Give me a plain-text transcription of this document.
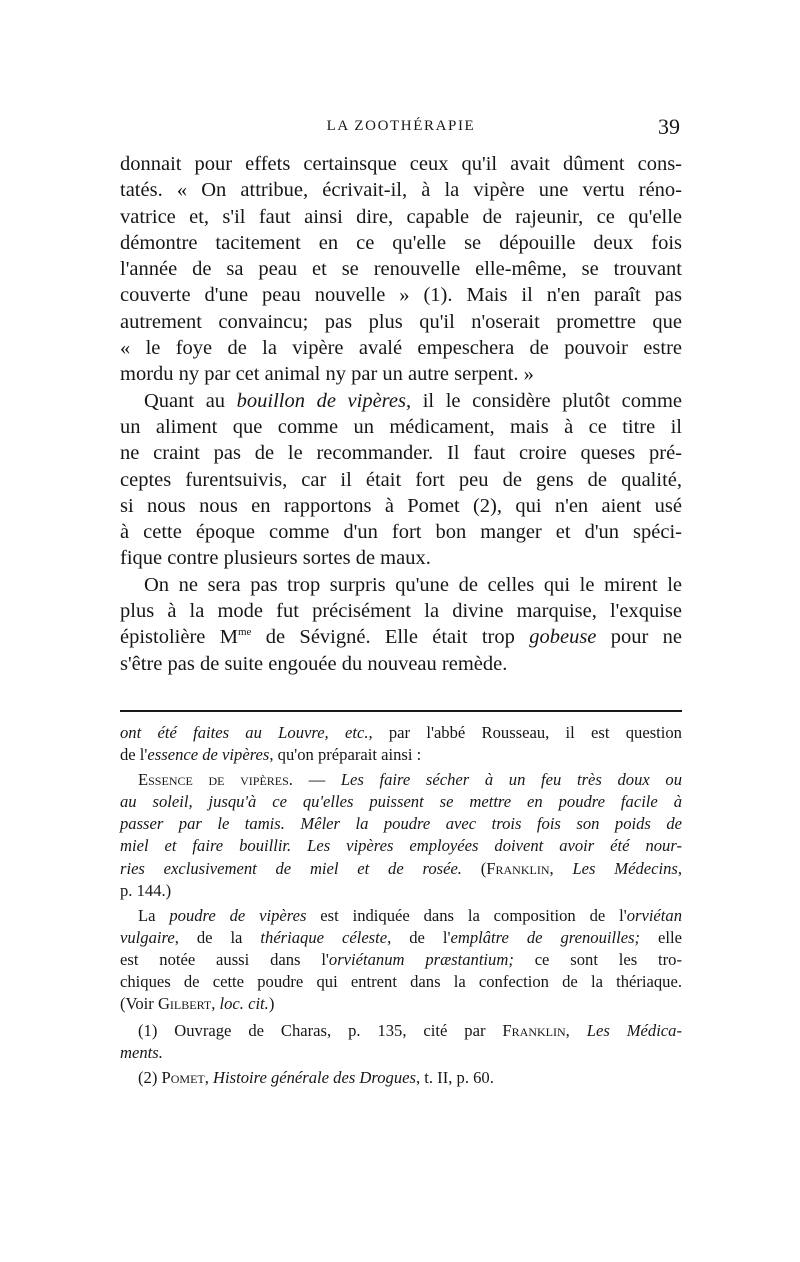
LA ZOOTHÉRAPIE	39
donnait pour effets certainsque ceux qu'il avait dûment cons-
tatés. « On attribue, écrivait-il, à la vipère une vertu réno-
vatrice et, s'il faut ainsi dire, capable de rajeunir, ce qu'elle
démontre tacitement en ce qu'elle se dépouille deux fois
l'année de sa peau et se renouvelle elle-même, se trouvant
couverte d'une peau nouvelle » (1). Mais il n'en paraît pas
autrement convaincu; pas plus qu'il n'oserait promettre que
« le foye de la vipère avalé empeschera de pouvoir estre
mordu ny par cet animal ny par un autre serpent. »
Quant au bouillon de vipères, il le considère plutôt comme
un aliment que comme un médicament, mais à ce titre il
ne craint pas de le recommander. Il faut croire queses pré-
ceptes furentsuivis, car il était fort peu de gens de qualité,
si nous nous en rapportons à Pomet (2), qui n'en aient usé
à cette époque comme d'un fort bon manger et d'un spéci-
fique contre plusieurs sortes de maux.
On ne sera pas trop surpris qu'une de celles qui le mirent le
plus à la mode fut précisément la divine marquise, l'exquise
épistolière $M^{me}$ de Sévigné. Elle était trop gobeuse pour ne
s'être pas de suite engouée du nouveau remède.
ont été faites au Louvre, etc., par l'abbé Rousseau, il est question
de l'essence de vipères, qu'on préparait ainsi :
Essence de vipères. — Les faire sécher à un feu très doux ou
au soleil, jusqu'à ce qu'elles puissent se mettre en poudre facile à
passer par le tamis. Mêler la poudre avec trois fois son poids de
miel et faire bouillir. Les vipères employées doivent avoir été nour-
ries exclusivement de miel et de rosée. (Franklin, Les Médecins,
p. 144.)
La poudre de vipères est indiquée dans la composition de l'orviétan
vulgaire, de la thériaque céleste, de l'emplâtre de grenouilles; elle
est notée aussi dans l'orviétanum præstantium; ce sont les tro-
chiques de cette poudre qui entrent dans la confection de la thériaque.
(Voir Gilbert, loc. cit.)
(1) Ouvrage de Charas, p. 135, cité par Franklin, Les Médica-
ments.
(2) Pomet, Histoire générale des Drogues, t. II, p. 60.
